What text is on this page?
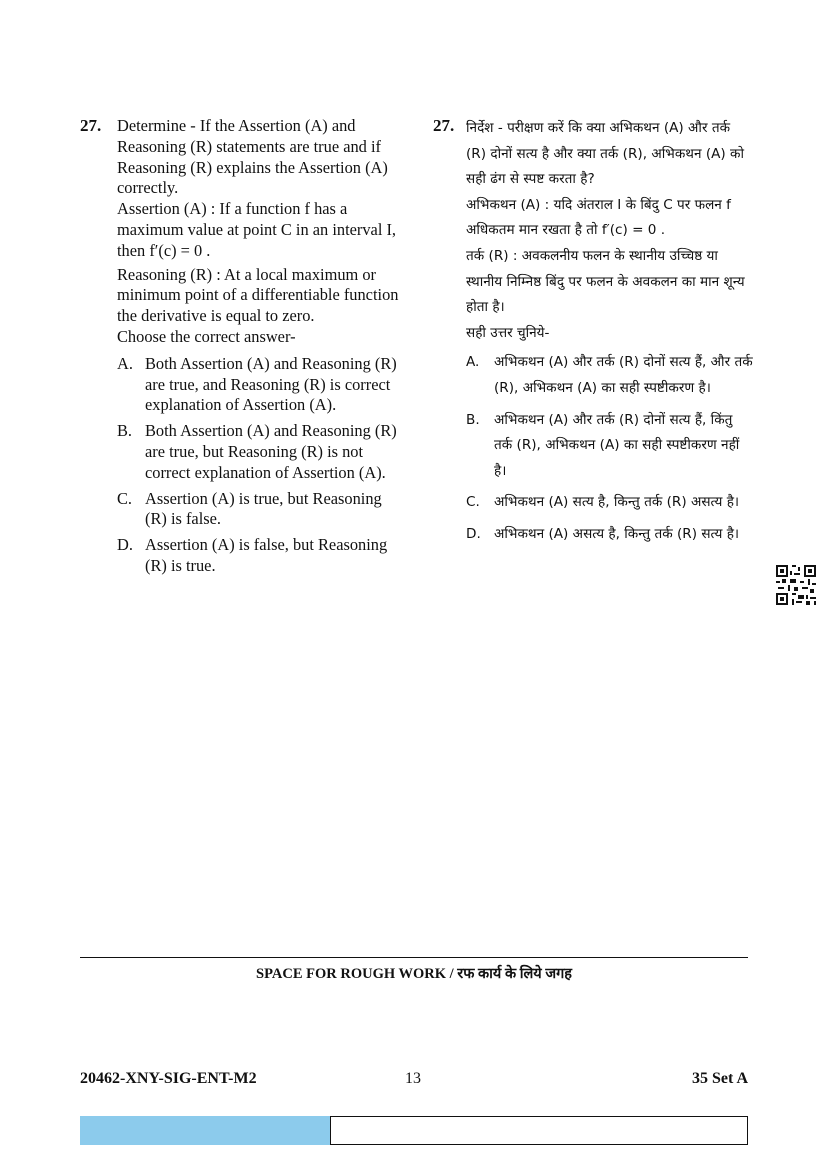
27. Determine - If the Assertion (A) and Reasoning (R) statements are true and if Reasoning (R) explains the Assertion (A) correctly.
Assertion (A) : If a function f has a maximum value at point C in an interval I, then f′(c) = 0 .
Reasoning (R) : At a local maximum or minimum point of a differentiable function the derivative is equal to zero.
Choose the correct answer-
A. Both Assertion (A) and Reasoning (R) are true, and Reasoning (R) is correct explanation of Assertion (A).
B. Both Assertion (A) and Reasoning (R) are true, but Reasoning (R) is not correct explanation of Assertion (A).
C. Assertion (A) is true, but Reasoning (R) is false.
D. Assertion (A) is false, but Reasoning (R) is true.
27. निर्देश - परीक्षण करें कि क्या अभिकथन (A) और तर्क (R) दोनों सत्य है और क्या तर्क (R), अभिकथन (A) को सही ढंग से स्पष्ट करता है?
अभिकथन (A) : यदि अंतराल I के बिंदु C पर फलन f अधिकतम मान रखता है तो f′(c) = 0 .
तर्क (R) : अवकलनीय फलन के स्थानीय उच्चिष्ठ या स्थानीय निम्निष्ठ बिंदु पर फलन के अवकलन का मान शून्य होता है।
सही उत्तर चुनिये-
A. अभिकथन (A) और तर्क (R) दोनों सत्य हैं, और तर्क (R), अभिकथन (A) का सही स्पष्टीकरण है।
B. अभिकथन (A) और तर्क (R) दोनों सत्य हैं, किंतु तर्क (R), अभिकथन (A) का सही स्पष्टीकरण नहीं है।
C. अभिकथन (A) सत्य है, किन्तु तर्क (R) असत्य है।
D. अभिकथन (A) असत्य है, किन्तु तर्क (R) सत्य है।
SPACE FOR ROUGH WORK / रफ कार्य के लिये जगह
20462-XNY-SIG-ENT-M2	13	35 Set A
